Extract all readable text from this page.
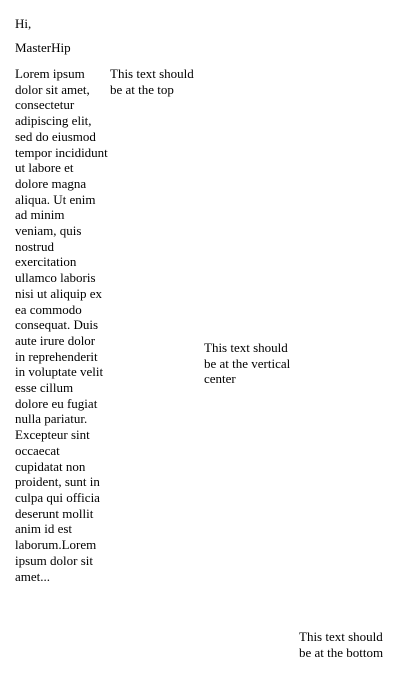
Hi,

MasterHip

Lorem ipsum dolor sit amet, consectetur adipiscing elit, sed do eiusmod tempor incididunt ut labore et dolore magna aliqua. Ut enim ad minim veniam, quis nostrud exercitation ullamco laboris nisi ut aliquip ex ea commodo consequat. Duis aute irure dolor in reprehenderit in voluptate velit esse cillum dolore eu fugiat nulla pariatur. Excepteur sint occaecat cupidatat non proident, sunt in culpa qui officia deserunt mollit anim id est laborum.Lorem ipsum dolor sit amet...

This text should be at the top

This text should be at the vertical center

This text should be at the bottom
